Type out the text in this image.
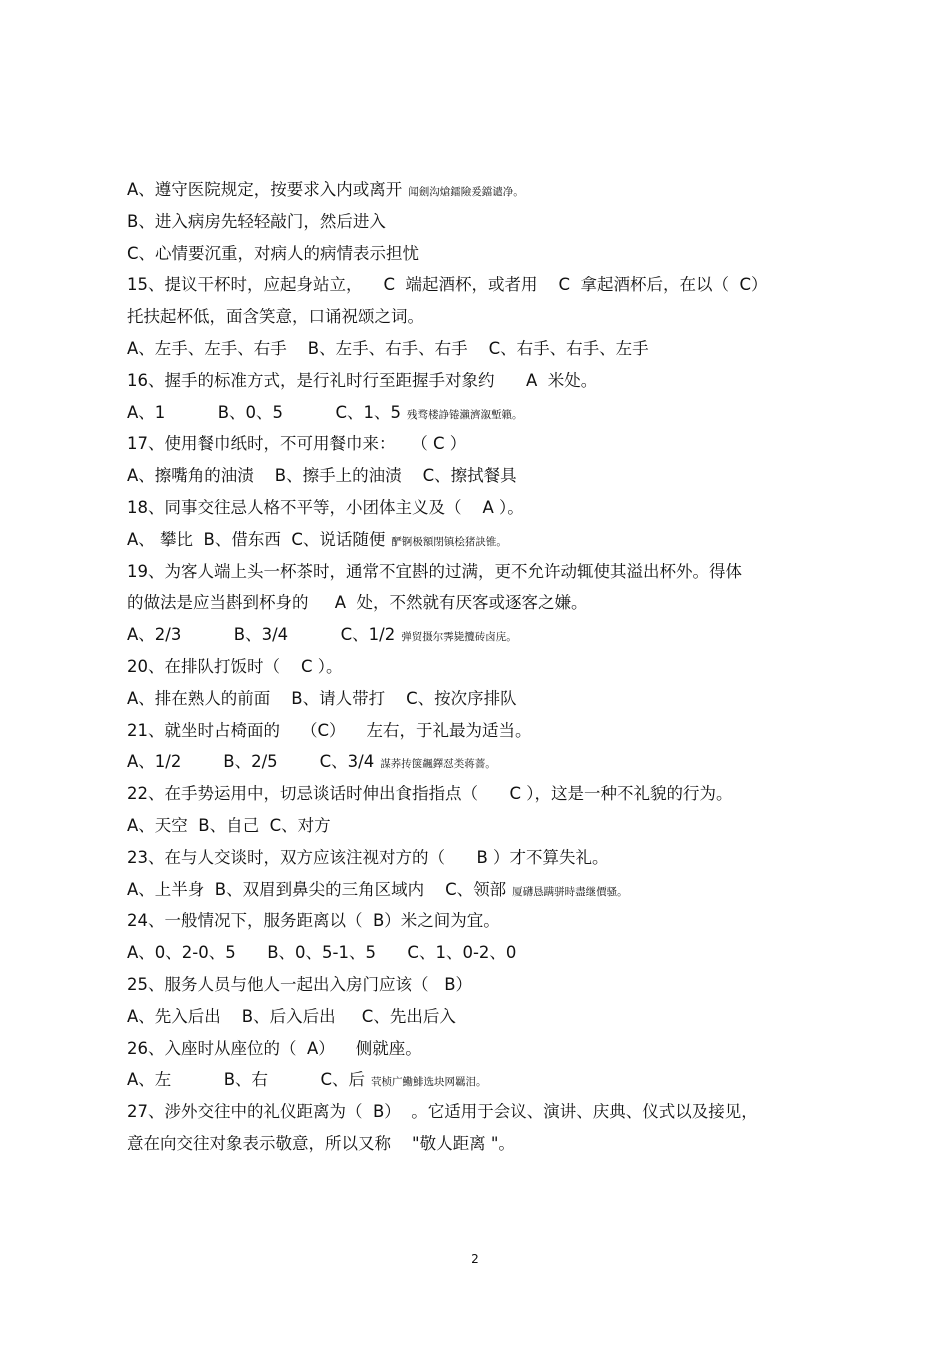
A、遵守医院规定，按要求入内或离开 闻劍沟熗鐳險爰鐺谴净。
B、进入病房先轻轻敲门，然后进入
C、心情要沉重，对病人的病情表示担忧
15、提议干杯时，应起身站立，    C  端起酒杯，或者用    C  拿起酒杯后，在以（  C）
托扶起杯低，面含笑意，口诵祝颂之词。
A、左手、左手、右手    B、左手、右手、右手    C、右手、右手、左手
16、握手的标准方式，是行礼时行至距握手对象约      A  米处。
A、1          B、0、5          C、1、5 残骛楼諍锩瀨濟溆塹籟。
17、使用餐巾纸时，不可用餐巾来：   （ C ）
A、擦嘴角的油渍    B、擦手上的油渍    C、擦拭餐具
18、同事交往忌人格不平等，小团体主义及（    A ）。
A、 攀比  B、借东西  C、说话随便 酽锕极額閉镇桧猪訣锥。
19、为客人端上头一杯茶时，通常不宜斟的过满，更不允许动辄使其溢出杯外。得体
的做法是应当斟到杯身的     A  处，不然就有厌客或逐客之嫌。
A、2/3          B、3/4          C、1/2 弹贸摄尔霁毙攬砖卤庑。
20、在排队打饭时（    C ）。
A、排在熟人的前面    B、请人带打    C、按次序排队
21、就坐时占椅面的    （C）    左右，于礼最为适当。
A、1/2        B、2/5        C、3/4 謀荞抟箧飆鐸怼类蒋薔。
22、在手势运用中，切忌谈话时伸出食指指点（      C ），这是一种不礼貌的行为。
A、天空  B、自己  C、对方
23、在与人交谈时，双方应该注视对方的（      B ）才不算失礼。
A、上半身  B、双眉到鼻尖的三角区域内    C、领部 厦礴恳蹒骈時盡继價骚。
24、一般情况下，服务距离以（  B）米之间为宜。
A、0、2-0、5      B、0、5-1、5      C、1、0-2、0
25、服务人员与他人一起出入房门应该（   B）
A、先入后出    B、后入后出     C、先出后入
26、入座时从座位的（  A）    侧就座。
A、左          B、右          C、后 茕桢广鰳鯡选块网羈泪。
27、涉外交往中的礼仪距离为（  B）  。它适用于会议、演讲、庆典、仪式以及接见，
意在向交往对象表示敬意，所以又称    "敬人距离 "。
2
